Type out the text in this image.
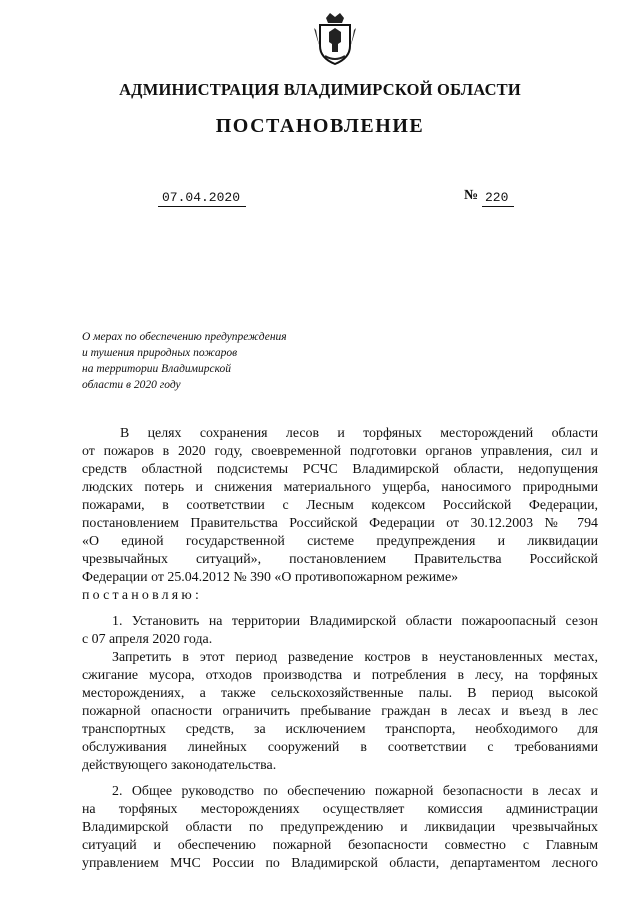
АДМИНИСТРАЦИЯ ВЛАДИМИРСКОЙ ОБЛАСТИ
ПОСТАНОВЛЕНИЕ
07.04.2020	№ 220
О мерах по обеспечению предупреждения
и тушения природных пожаров
на территории Владимирской
области в 2020 году
В целях сохранения лесов и торфяных месторождений области
от пожаров в 2020 году, своевременной подготовки органов управления, сил и
средств областной подсистемы РСЧС Владимирской области, недопущения
людских потерь и снижения материального ущерба, наносимого природными
пожарами, в соответствии с Лесным кодексом Российской Федерации,
постановлением Правительства Российской Федерации от 30.12.2003 № 794
«О единой государственной системе предупреждения и ликвидации
чрезвычайных ситуаций», постановлением Правительства Российской
Федерации от 25.04.2012 № 390 «О противопожарном режиме»
постановляю:
1. Установить на территории Владимирской области пожароопасный сезон
с 07 апреля 2020 года.
Запретить в этот период разведение костров в неустановленных местах,
сжигание мусора, отходов производства и потребления в лесу, на торфяных
месторождениях, а также сельскохозяйственные палы. В период высокой
пожарной опасности ограничить пребывание граждан в лесах и въезд в лес
транспортных средств, за исключением транспорта, необходимого для
обслуживания линейных сооружений в соответствии с требованиями
действующего законодательства.
2. Общее руководство по обеспечению пожарной безопасности в лесах и
на торфяных месторождениях осуществляет комиссия администрации
Владимирской области по предупреждению и ликвидации чрезвычайных
ситуаций и обеспечению пожарной безопасности совместно с Главным
управлением МЧС России по Владимирской области, департаментом лесного
